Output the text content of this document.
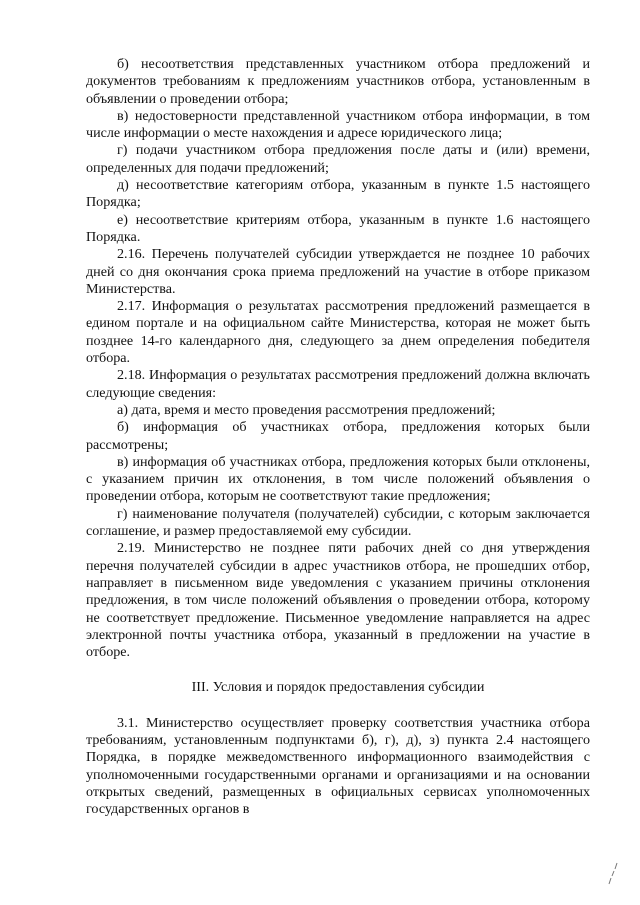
б) несоответствия представленных участником отбора предложений и документов требованиям к предложениям участников отбора, установленным в объявлении о проведении отбора;

в) недостоверности представленной участником отбора информации, в том числе информации о месте нахождения и адресе юридического лица;

г) подачи участником отбора предложения после даты и (или) времени, определенных для подачи предложений;

д) несоответствие категориям отбора, указанным в пункте 1.5 настоящего Порядка;

е) несоответствие критериям отбора, указанным в пункте 1.6 настоящего Порядка.

2.16. Перечень получателей субсидии утверждается не позднее 10 рабочих дней со дня окончания срока приема предложений на участие в отборе приказом Министерства.

2.17. Информация о результатах рассмотрения предложений размещается в едином портале и на официальном сайте Министерства, которая не может быть позднее 14-го календарного дня, следующего за днем определения победителя отбора.

2.18. Информация о результатах рассмотрения предложений должна включать следующие сведения:

а) дата, время и место проведения рассмотрения предложений;

б) информация об участниках отбора, предложения которых были рассмотрены;

в) информация об участниках отбора, предложения которых были отклонены, с указанием причин их отклонения, в том числе положений объявления о проведении отбора, которым не соответствуют такие предложения;

г) наименование получателя (получателей) субсидии, с которым заключается соглашение, и размер предоставляемой ему субсидии.

2.19. Министерство не позднее пяти рабочих дней со дня утверждения перечня получателей субсидии в адрес участников отбора, не прошедших отбор, направляет в письменном виде уведомления с указанием причины отклонения предложения, в том числе положений объявления о проведении отбора, которому не соответствует предложение. Письменное уведомление направляется на адрес электронной почты участника отбора, указанный в предложении на участие в отборе.

III. Условия и порядок предоставления субсидии

3.1. Министерство осуществляет проверку соответствия участника отбора требованиям, установленным подпунктами б), г), д), з) пункта 2.4 настоящего Порядка, в порядке межведомственного информационного взаимодействия с уполномоченными государственными органами и организациями и на основании открытых сведений, размещенных в официальных сервисах уполномоченных государственных органов в
